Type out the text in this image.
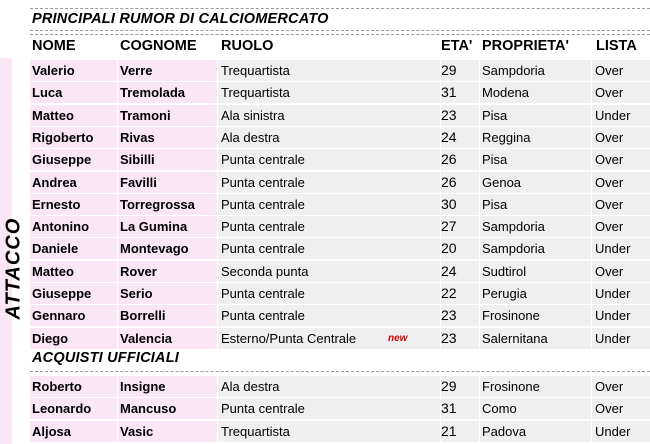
ATTACCO
PRINCIPALI RUMOR DI CALCIOMERCATO
NOME	COGNOME RUOLO	ETA' PROPRIETA' LISTA
Valerio	Verre	Trequartista	29	Sampdoria	Over
Luca	Tremolada	Trequartista	31	Modena	Over
Matteo	Tramoni	Ala sinistra	23	Pisa	Under
Rigoberto	Rivas	Ala destra	24	Reggina	Over
Giuseppe	Sibilli	Punta centrale	26	Pisa	Over
Andrea	Favilli	Punta centrale	26	Genoa	Over
Ernesto	Torregrossa	Punta centrale	30	Pisa	Over
Antonino	La Gumina	Punta centrale	27	Sampdoria	Over
Daniele	Montevago	Punta centrale	20	Sampdoria	Under
Matteo	Rover	Seconda punta	24	Sudtirol	Over
Giuseppe	Serio	Punta centrale	22	Perugia	Under
Gennaro	Borrelli	Punta centrale	23	Frosinone	Under
Diego	Valencia	Esterno/Punta Centrale	23	Salernitana	Under
new
ACQUISTI UFFICIALI
Roberto	Insigne	Ala destra	29	Frosinone	Over
Leonardo	Mancuso	Punta centrale	31	Como	Over
Aljosa	Vasic	Trequartista	21	Padova	Under
